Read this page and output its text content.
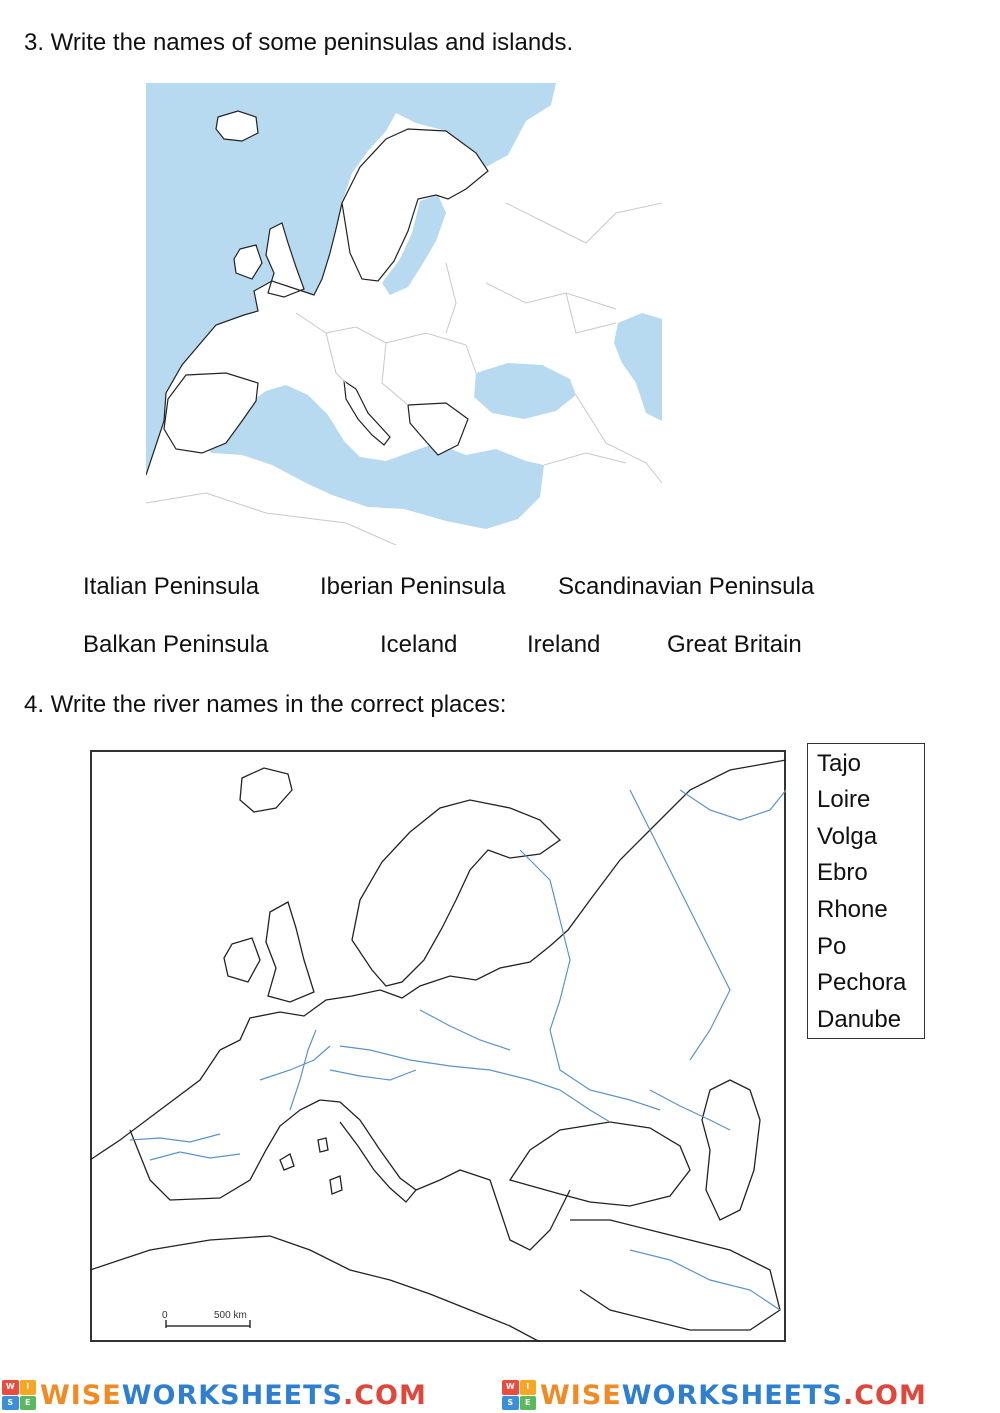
3. Write the names of some peninsulas and islands.
Italian Peninsula	Iberian Peninsula Scandinavian Peninsula
Balkan Peninsula	Iceland	Ireland	Great Britain
4. Write the river names in the correct places:
0	500 km
Tajo
Loire
Volga
Ebro
Rhone
Po
Pechora
Danube
W	I
S	E WISE WORKSHEETS .COM	W	I
S	E WISE WORKSHEETS .COM
